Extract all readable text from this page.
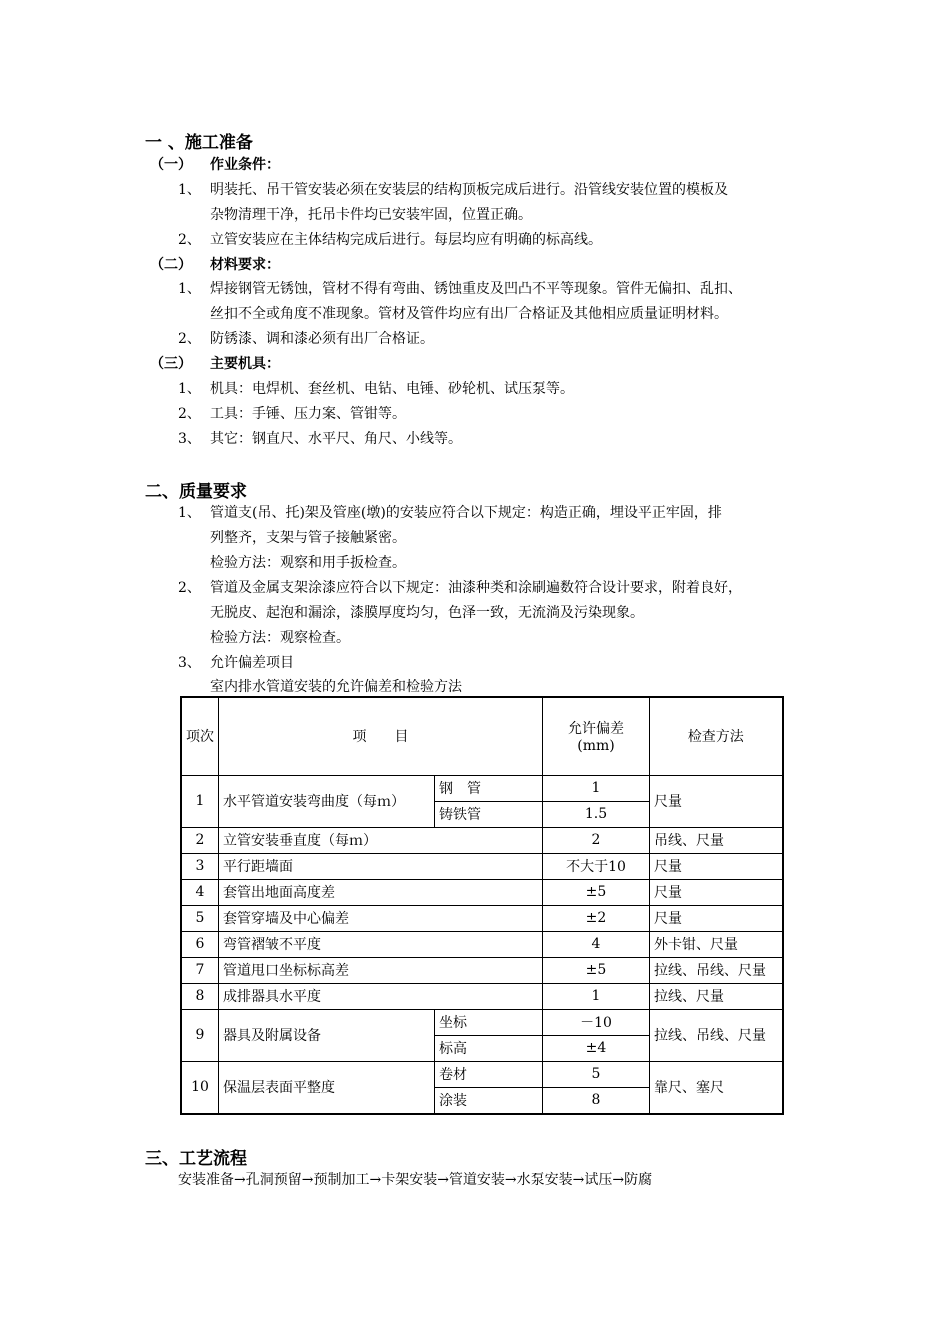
一 、施工准备
（一） 作业条件：
1、 明装托、吊干管安装必须在安装层的结构顶板完成后进行。沿管线安装位置的模板及
杂物清理干净，托吊卡件均已安装牢固，位置正确。
2、 立管安装应在主体结构完成后进行。每层均应有明确的标高线。
（二） 材料要求：
1、 焊接钢管无锈蚀，管材不得有弯曲、锈蚀重皮及凹凸不平等现象。管件无偏扣、乱扣、
丝扣不全或角度不准现象。管材及管件均应有出厂合格证及其他相应质量证明材料。
2、 防锈漆、调和漆必须有出厂合格证。
（三） 主要机具：
1、 机具：电焊机、套丝机、电钻、电锤、砂轮机、试压泵等。
2、 工具：手锤、压力案、管钳等。
3、 其它：钢直尺、水平尺、角尺、小线等。
二、质量要求
1、 管道支(吊、托)架及管座(墩)的安装应符合以下规定：构造正确，埋设平正牢固，排
列整齐，支架与管子接触紧密。
检验方法：观察和用手扳检查。
2、 管道及金属支架涂漆应符合以下规定：油漆种类和涂刷遍数符合设计要求，附着良好，
无脱皮、起泡和漏涂，漆膜厚度均匀，色泽一致，无流淌及污染现象。
检验方法：观察检查。
3、 允许偏差项目
室内排水管道安装的允许偏差和检验方法
项次	项　　目		允许偏差
(mm)	检查方法
1	水平管道安装弯曲度（每ｍ）	钢　管	1	尺量
		铸铁管	1.5	
2	立管安装垂直度（每ｍ）		2	吊线、尺量
3	平行距墙面		不大于10	尺量
4	套管出地面高度差		±5	尺量
5	套管穿墙及中心偏差		±2	尺量
6	弯管褶皱不平度		4	外卡钳、尺量
7	管道甩口坐标标高差		±5	拉线、吊线、尺量
8	成排器具水平度		1	拉线、尺量
9	器具及附属设备	坐标	－10	拉线、吊线、尺量
		标高	±4	
10	保温层表面平整度	卷材	5	靠尺、塞尺
		涂装	8	
三、工艺流程
安装准备→孔洞预留→预制加工→卡架安装→管道安装→水泵安装→试压→防腐
